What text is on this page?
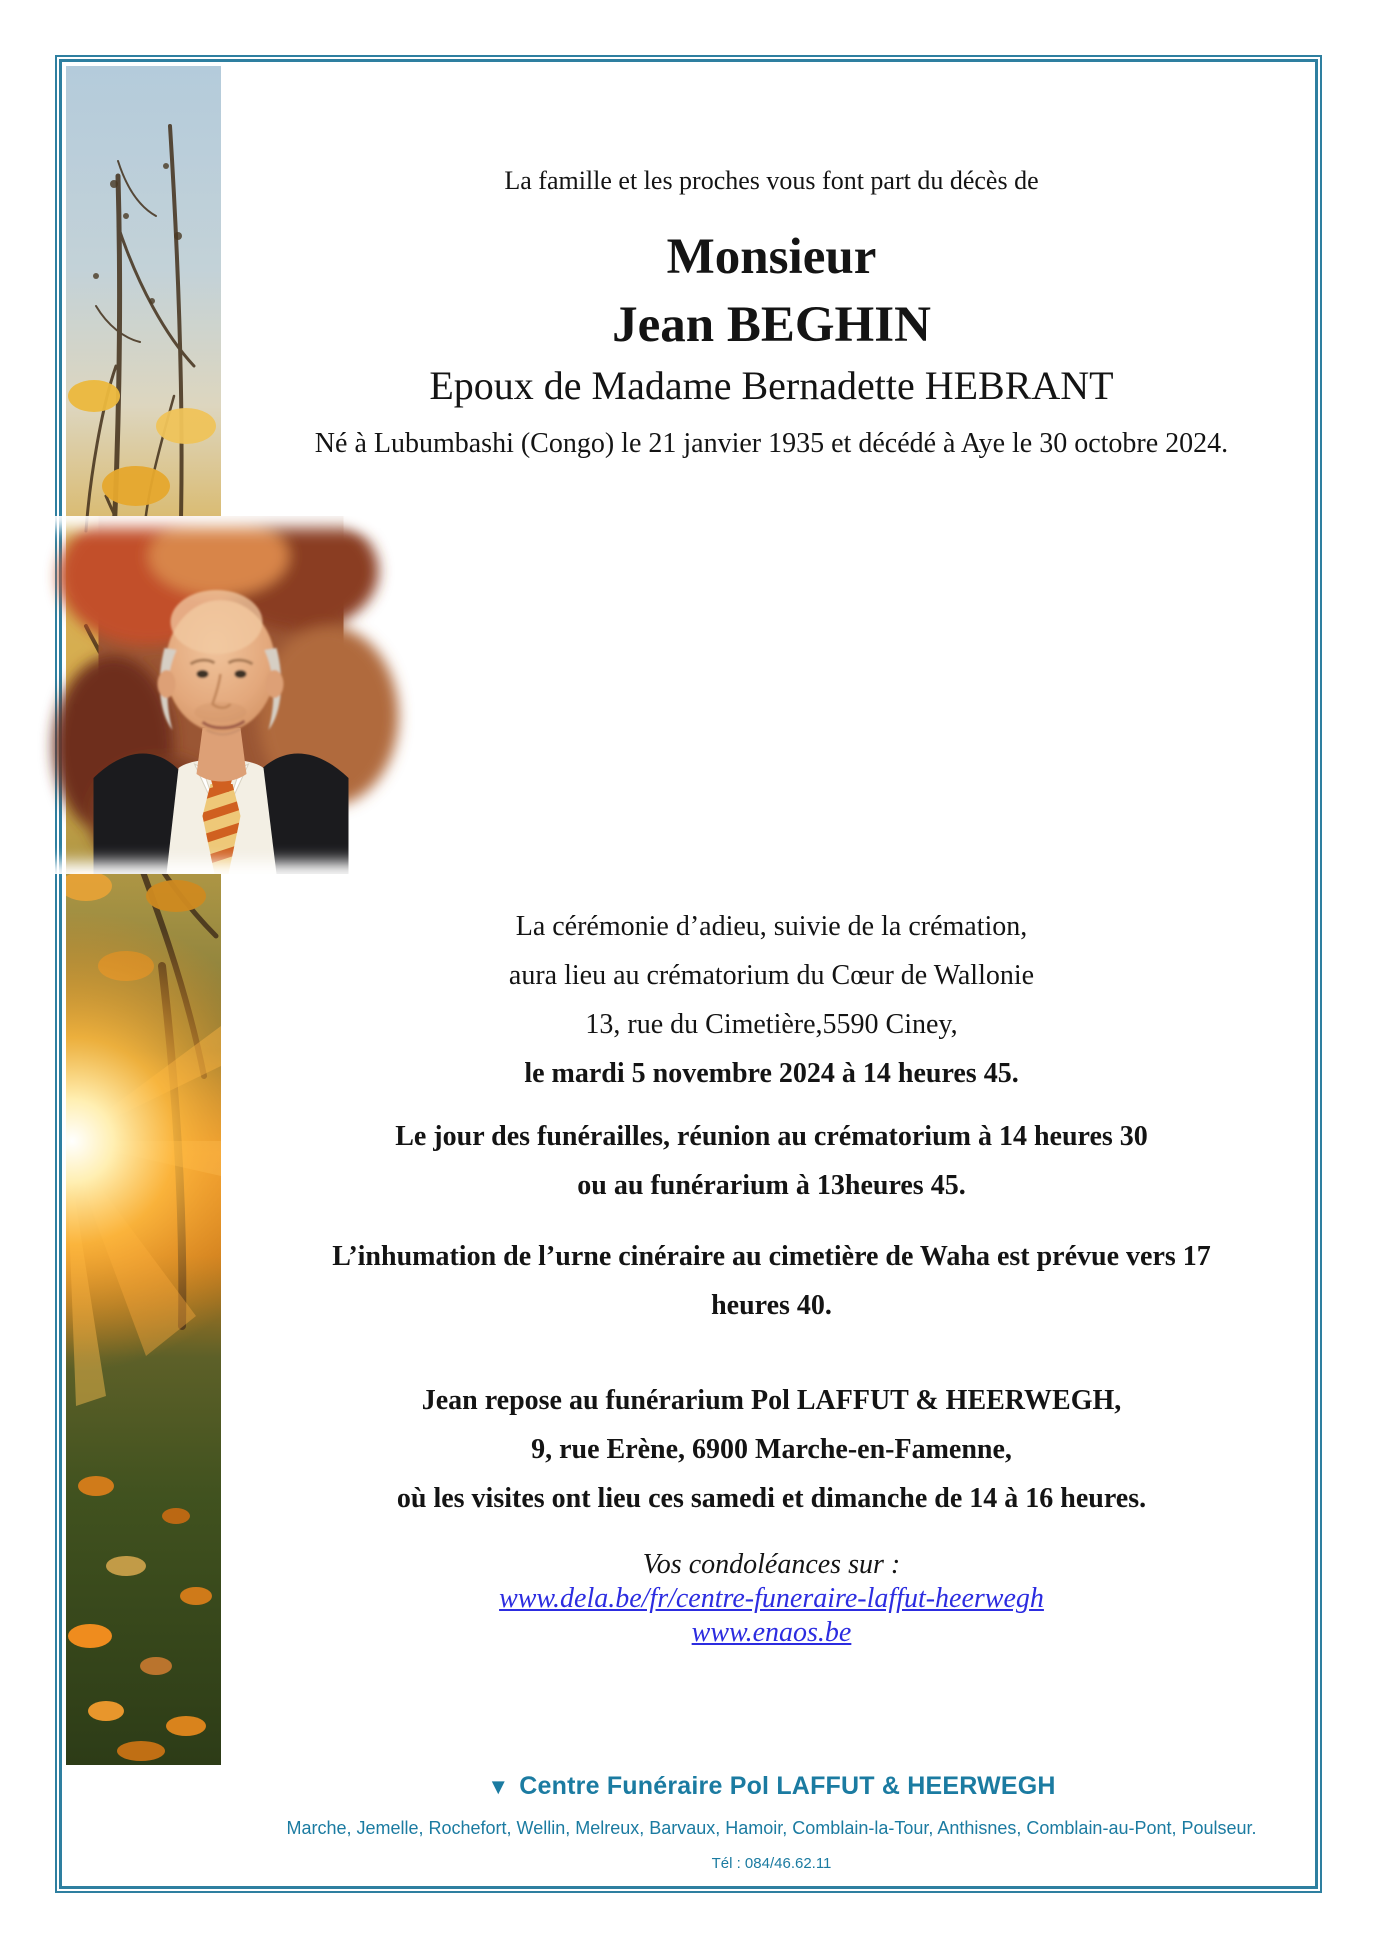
La famille et les proches vous font part du décès de
Monsieur
Jean BEGHIN
Epoux de Madame Bernadette HEBRANT
Né à Lubumbashi (Congo) le 21 janvier 1935 et décédé à Aye le 30 octobre 2024.
La cérémonie d’adieu, suivie de la crémation,
aura lieu au crématorium du Cœur de Wallonie
13, rue du Cimetière,5590 Ciney,
le mardi 5 novembre 2024 à 14 heures 45.
Le jour des funérailles, réunion au crématorium à 14 heures 30
ou au funérarium à 13heures 45.
L’inhumation de l’urne cinéraire au cimetière de Waha est prévue vers 17
heures 40.
Jean repose au funérarium Pol LAFFUT & HEERWEGH,
9, rue Erène, 6900 Marche-en-Famenne,
où les visites ont lieu ces samedi et dimanche de 14 à 16 heures.
Vos condoléances sur :
www.dela.be/fr/centre-funeraire-laffut-heerwegh
www.enaos.be
▼ Centre Funéraire Pol LAFFUT & HEERWEGH
Marche, Jemelle, Rochefort, Wellin, Melreux, Barvaux, Hamoir, Comblain-la-Tour, Anthisnes, Comblain-au-Pont, Poulseur.
Tél : 084/46.62.11
